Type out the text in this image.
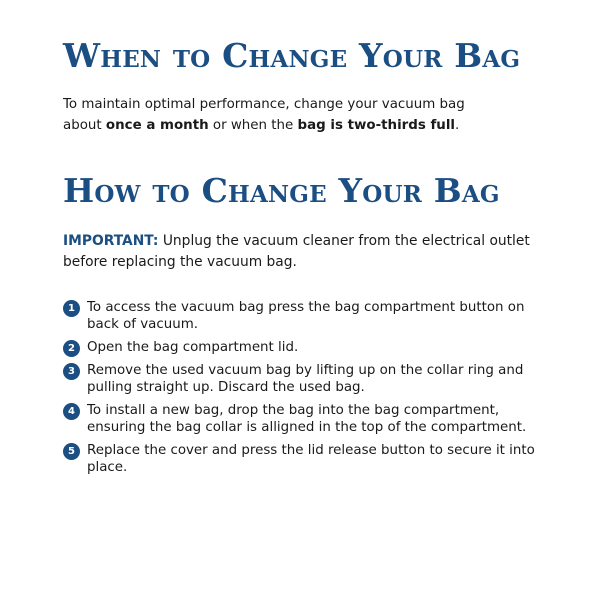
When to Change Your Bag

To maintain optimal performance, change your vacuum bag
about once a month or when the bag is two-thirds full.

How to Change Your Bag

IMPORTANT: Unplug the vacuum cleaner from the electrical outlet before replacing the vacuum bag.

1 To access the vacuum bag press the bag compartment button on back of vacuum.
2 Open the bag compartment lid.
3 Remove the used vacuum bag by lifting up on the collar ring and pulling straight up. Discard the used bag.
4 To install a new bag, drop the bag into the bag compartment, ensuring the bag collar is alligned in the top of the compartment.
5 Replace the cover and press the lid release button to secure it into place.
